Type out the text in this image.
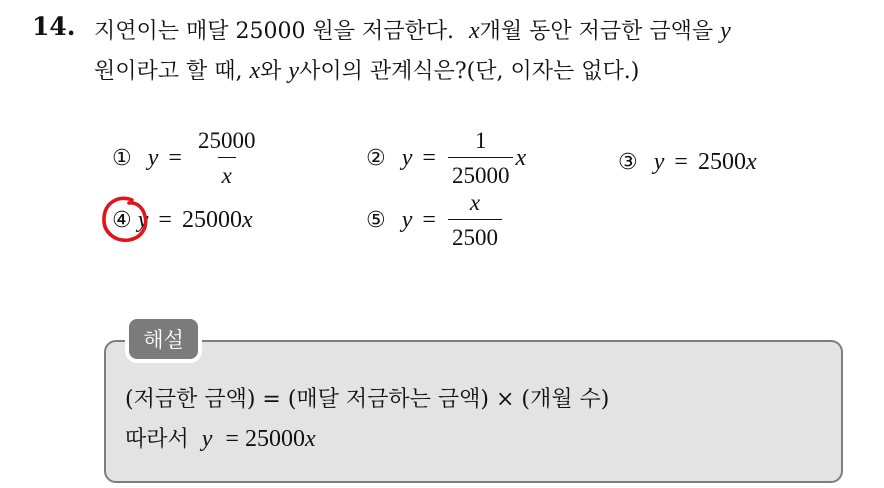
14. 지연이는 매달 25000 원을 저금한다. x개월 동안 저금한 금액을 y
원이라고 할 때, x와 y사이의 관계식은?(단, 이자는 없다.)
① $y = \frac{25000}{x}$	② $y = \frac{1}{25000}$ x	③ y = 2500 x
④ y = 25000 x	⑤ $y = \frac{x}{2500}$
해설
(저금한 금액) = (매달 저금하는 금액) × (개월 수)
따라서 y = 25000x
